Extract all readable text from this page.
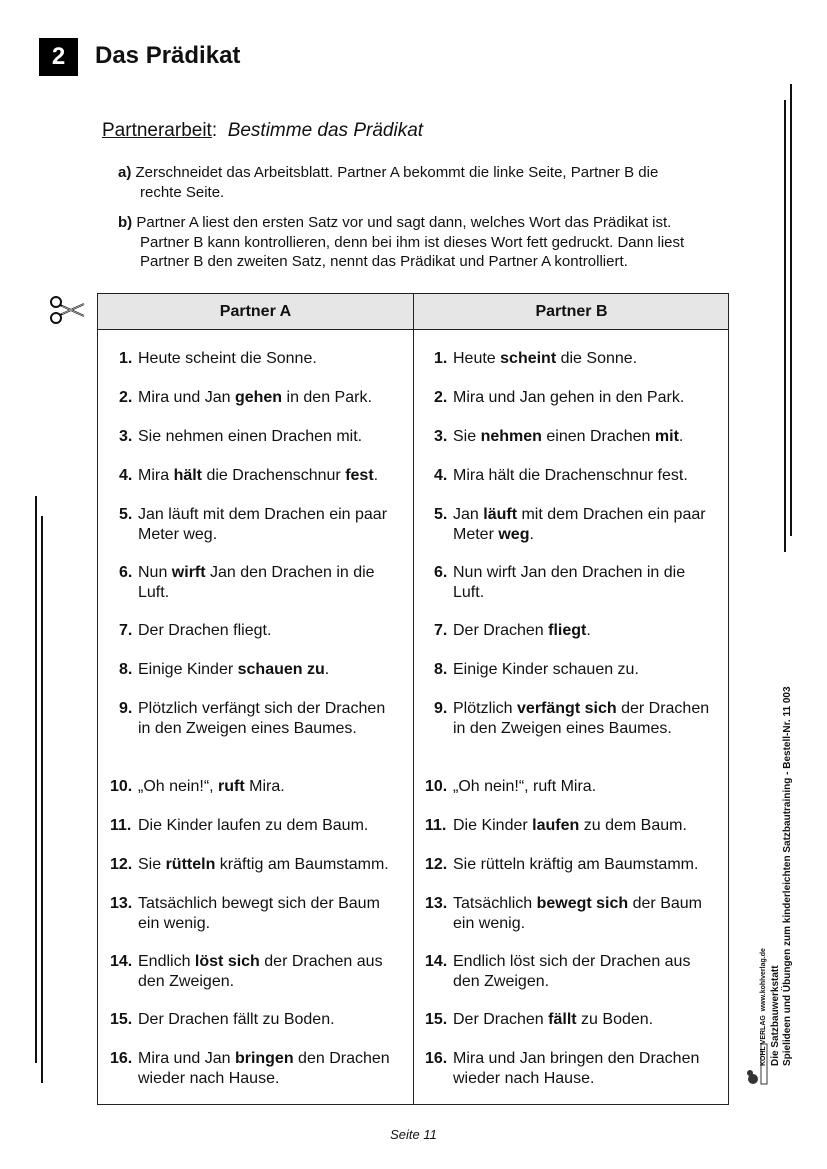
2 Das Prädikat
Partnerarbeit: Bestimme das Prädikat
a) Zerschneidet das Arbeitsblatt. Partner A bekommt die linke Seite, Partner B die
rechte Seite.
b) Partner A liest den ersten Satz vor und sagt dann, welches Wort das Prädikat ist.
Partner B kann kontrollieren, denn bei ihm ist dieses Wort fett gedruckt. Dann liest
Partner B den zweiten Satz, nennt das Prädikat und Partner A kontrolliert.
Partner A	Partner B
1. Heute scheint die Sonne.
2. Mira und Jan gehen in den Park.
3. Sie nehmen einen Drachen mit.
4. Mira hält die Drachenschnur fest.
5. Jan läuft mit dem Drachen ein paar Meter weg.
6. Nun wirft Jan den Drachen in die Luft.
7. Der Drachen fliegt.
8. Einige Kinder schauen zu.
9. Plötzlich verfängt sich der Drachen in den Zweigen eines Baumes.
10. „Oh nein!“, ruft Mira.
11. Die Kinder laufen zu dem Baum.
12. Sie rütteln kräftig am Baumstamm.
13. Tatsächlich bewegt sich der Baum ein wenig.
14. Endlich löst sich der Drachen aus den Zweigen.
15. Der Drachen fällt zu Boden.
16. Mira und Jan bringen den Drachen wieder nach Hause.
1. Heute scheint die Sonne.
2. Mira und Jan gehen in den Park.
3. Sie nehmen einen Drachen mit.
4. Mira hält die Drachenschnur fest.
5. Jan läuft mit dem Drachen ein paar Meter weg.
6. Nun wirft Jan den Drachen in die Luft.
7. Der Drachen fliegt.
8. Einige Kinder schauen zu.
9. Plötzlich verfängt sich der Drachen in den Zweigen eines Baumes.
10. „Oh nein!“, ruft Mira.
11. Die Kinder laufen zu dem Baum.
12. Sie rütteln kräftig am Baumstamm.
13. Tatsächlich bewegt sich der Baum ein wenig.
14. Endlich löst sich der Drachen aus den Zweigen.
15. Der Drachen fällt zu Boden.
16. Mira und Jan bringen den Drachen wieder nach Hause.
KOHL VERLAG  www.kohlverlag.de Die Satzbauwerkstatt Spielideen und Übungen zum kinderleichten Satzbautraining - Bestell-Nr. 11 003
Seite 11
